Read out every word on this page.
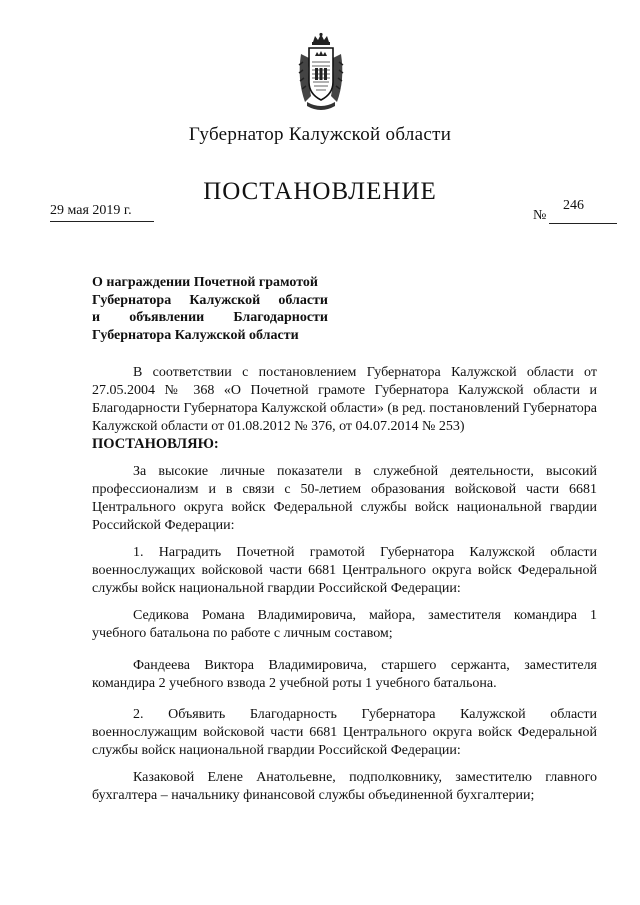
Губернатор Калужской области
ПОСТАНОВЛЕНИЕ
29 мая 2019 г.	№
246
О награждении Почетной грамотой
Губернатора Калужской области
и объявлении Благодарности
Губернатора Калужской области
В соответствии с постановлением Губернатора Калужской области от 27.05.2004 № 368 «О Почетной грамоте Губернатора Калужской области и Благодарности Губернатора Калужской области» (в ред. постановлений Губернатора Калужской области от 01.08.2012 № 376, от 04.07.2014 № 253)
ПОСТАНОВЛЯЮ:
За высокие личные показатели в служебной деятельности, высокий профессионализм и в связи с 50-летием образования войсковой части 6681 Центрального округа войск Федеральной службы войск национальной гвардии Российской Федерации:
1. Наградить Почетной грамотой Губернатора Калужской области военнослужащих войсковой части 6681 Центрального округа войск Федеральной службы войск национальной гвардии Российской Федерации:
Седикова Романа Владимировича, майора, заместителя командира 1 учебного батальона по работе с личным составом;
Фандеева Виктора Владимировича, старшего сержанта, заместителя командира 2 учебного взвода 2 учебной роты 1 учебного батальона.
2. Объявить Благодарность Губернатора Калужской области военнослужащим войсковой части 6681 Центрального округа войск Федеральной службы войск национальной гвардии Российской Федерации:
Казаковой Елене Анатольевне, подполковнику, заместителю главного бухгалтера – начальнику финансовой службы объединенной бухгалтерии;
